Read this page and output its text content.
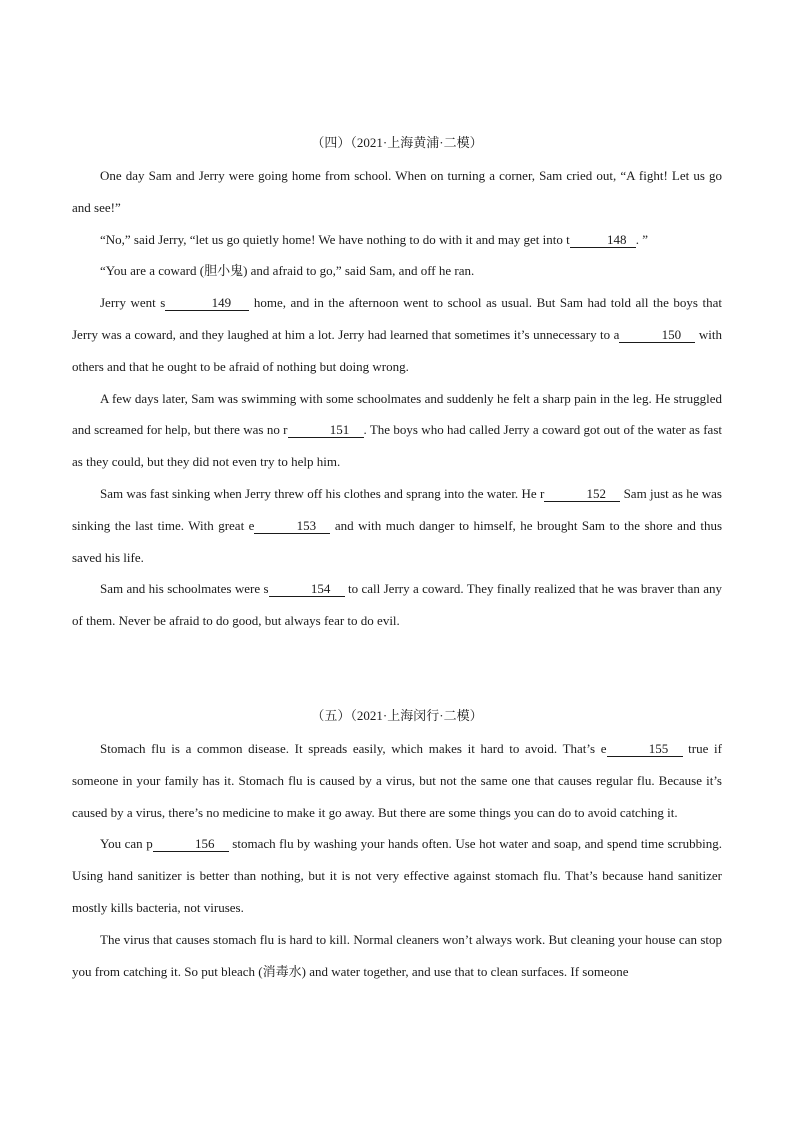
（四）（2021·上海黄浦·二模）

One day Sam and Jerry were going home from school. When on turning a corner, Sam cried out, “A fight! Let us go and see!”

“No,” said Jerry, “let us go quietly home! We have nothing to do with it and may get into t	148 . ”

“You are a coward (胆小鬼) and afraid to go,” said Sam, and off he ran.

Jerry went s	149 home, and in the afternoon went to school as usual. But Sam had told all the boys that Jerry was a coward, and they laughed at him a lot. Jerry had learned that sometimes it’s unnecessary to a	150 with others and that he ought to be afraid of nothing but doing wrong.

A few days later, Sam was swimming with some schoolmates and suddenly he felt a sharp pain in the leg. He struggled and screamed for help, but there was no r	151 . The boys who had called Jerry a coward got out of the water as fast as they could, but they did not even try to help him.

Sam was fast sinking when Jerry threw off his clothes and sprang into the water. He r	152 Sam just as he was sinking the last time. With great e	153 and with much danger to himself, he brought Sam to the shore and thus saved his life.

Sam and his schoolmates were s	154 to call Jerry a coward. They finally realized that he was braver than any of them. Never be afraid to do good, but always fear to do evil.

（五）（2021·上海闵行·二模）

Stomach flu is a common disease. It spreads easily, which makes it hard to avoid. That’s e	155 true if someone in your family has it. Stomach flu is caused by a virus, but not the same one that causes regular flu. Because it’s caused by a virus, there’s no medicine to make it go away. But there are some things you can do to avoid catching it.

You can p	156 stomach flu by washing your hands often. Use hot water and soap, and spend time scrubbing. Using hand sanitizer is better than nothing, but it is not very effective against stomach flu. That’s because hand sanitizer mostly kills bacteria, not viruses.

The virus that causes stomach flu is hard to kill. Normal cleaners won’t always work. But cleaning your house can stop you from catching it. So put bleach (消毒水) and water together, and use that to clean surfaces. If someone
